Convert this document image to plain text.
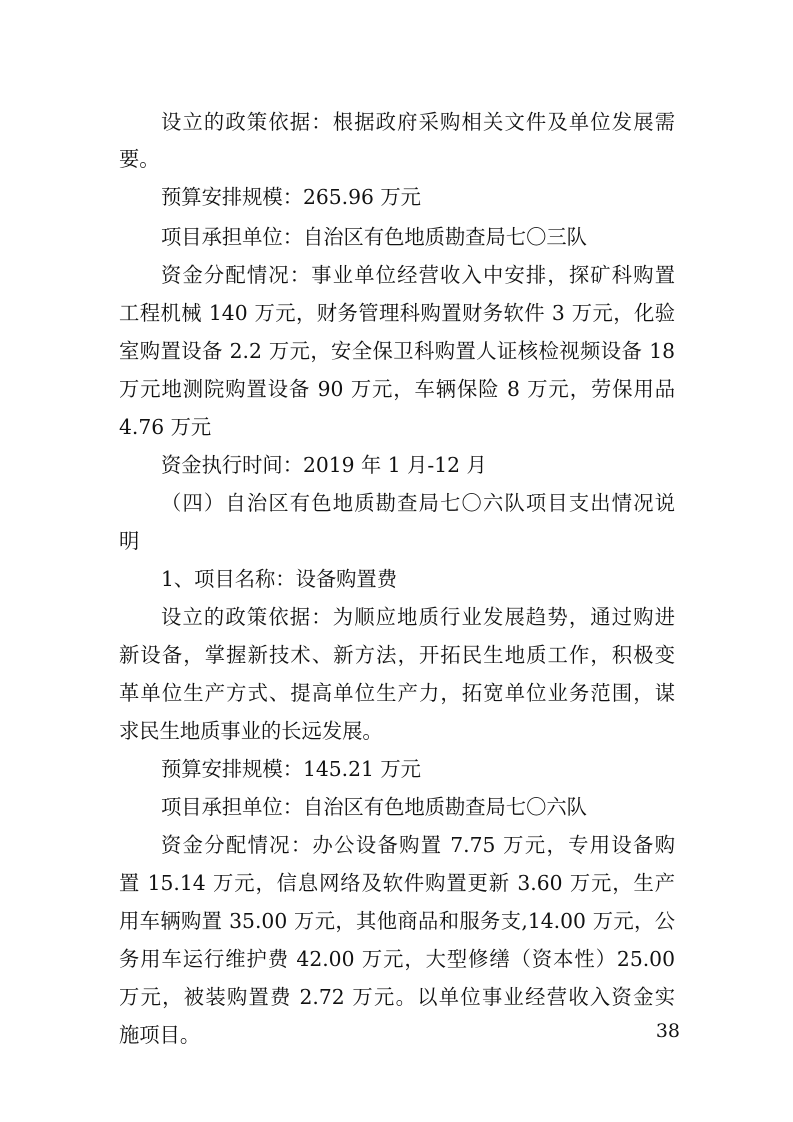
设立的政策依据：根据政府采购相关文件及单位发展需
要。
预算安排规模：265.96 万元
项目承担单位：自治区有色地质勘查局七〇三队
资金分配情况：事业单位经营收入中安排，探矿科购置
工程机械 140 万元，财务管理科购置财务软件 3 万元，化验
室购置设备 2.2 万元，安全保卫科购置人证核检视频设备 18
万元地测院购置设备 90 万元，车辆保险 8 万元，劳保用品
4.76 万元
资金执行时间：2019 年 1 月-12 月
（四）自治区有色地质勘查局七〇六队项目支出情况说
明
1、项目名称：设备购置费
设立的政策依据：为顺应地质行业发展趋势，通过购进
新设备，掌握新技术、新方法，开拓民生地质工作，积极变
革单位生产方式、提高单位生产力，拓宽单位业务范围，谋
求民生地质事业的长远发展。
预算安排规模：145.21 万元
项目承担单位：自治区有色地质勘查局七〇六队
资金分配情况：办公设备购置 7.75 万元，专用设备购
置 15.14 万元，信息网络及软件购置更新 3.60 万元，生产
用车辆购置 35.00 万元，其他商品和服务支,14.00 万元，公
务用车运行维护费 42.00 万元，大型修缮（资本性）25.00
万元，被装购置费 2.72 万元。以单位事业经营收入资金实
施项目。	38
